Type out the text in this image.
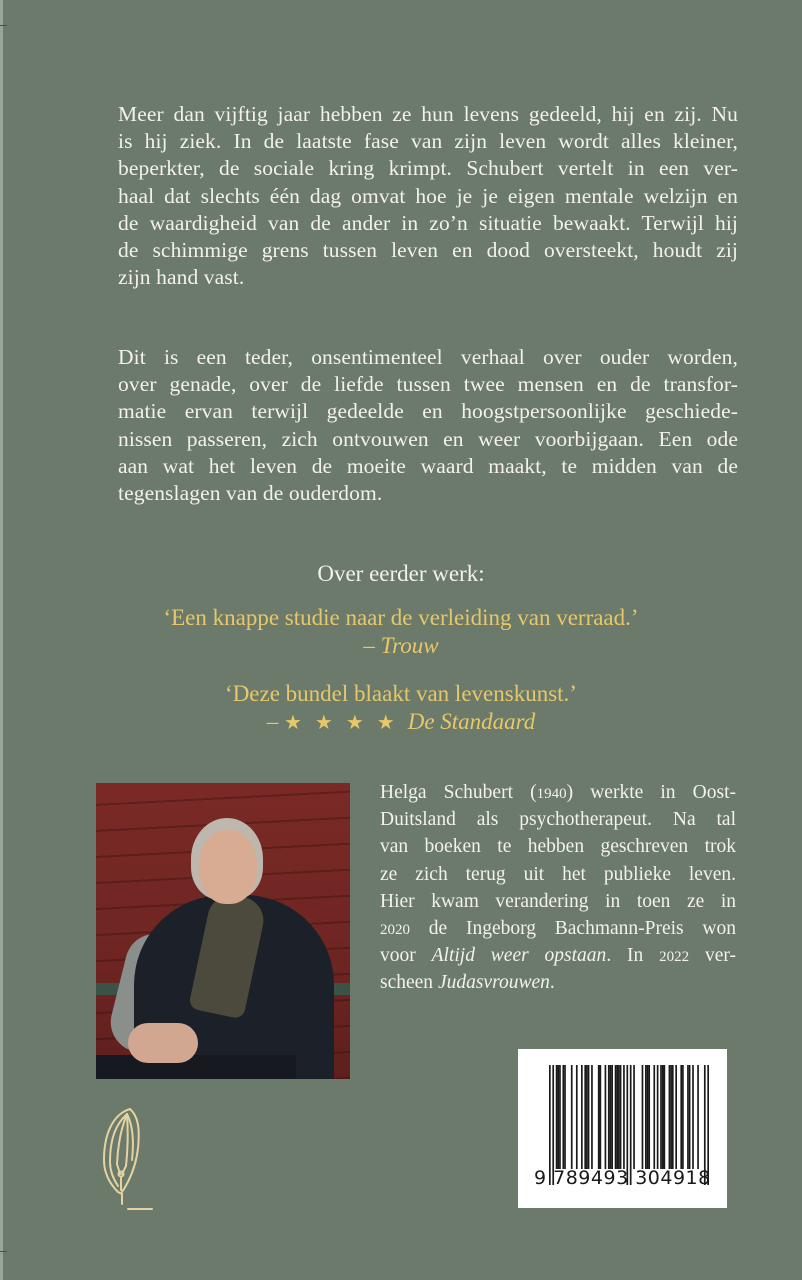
Meer dan vijftig jaar hebben ze hun levens gedeeld, hij en zij. Nu
is hij ziek. In de laatste fase van zijn leven wordt alles kleiner,
beperkter, de sociale kring krimpt. Schubert vertelt in een ver-
haal dat slechts één dag omvat hoe je je eigen mentale welzijn en
de waardigheid van de ander in zo’n situatie bewaakt. Terwijl hij
de schimmige grens tussen leven en dood oversteekt, houdt zij
zijn hand vast.
Dit is een teder, onsentimenteel verhaal over ouder worden,
over genade, over de liefde tussen twee mensen en de transfor-
matie ervan terwijl gedeelde en hoogstpersoonlijke geschiede-
nissen passeren, zich ontvouwen en weer voorbijgaan. Een ode
aan wat het leven de moeite waard maakt, te midden van de
tegenslagen van de ouderdom.
Over eerder werk:
‘Een knappe studie naar de verleiding van verraad.’
– Trouw
‘Deze bundel blaakt van levenskunst.’
– ★ ★ ★ ★ De Standaard
Helga Schubert (1940) werkte in Oost-
Duitsland als psychotherapeut. Na tal
van boeken te hebben geschreven trok
ze zich terug uit het publieke leven.
Hier kwam verandering in toen ze in
2020 de Ingeborg Bachmann-Preis won
voor Altijd weer opstaan. In 2022 ver-
scheen Judasvrouwen.
9 789493 304918
